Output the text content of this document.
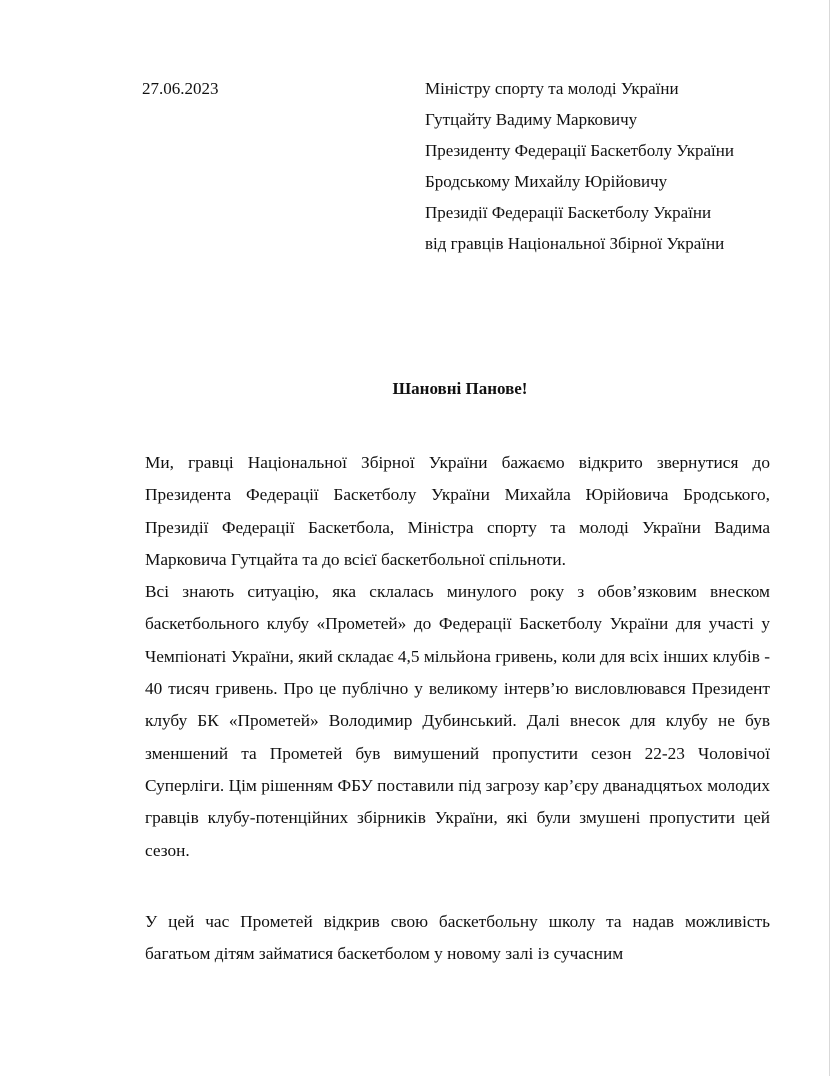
27.06.2023	Міністру спорту та молоді України
Гутцайту Вадиму Марковичу
Президенту Федерації Баскетболу України
Бродському Михайлу Юрійовичу
Президії Федерації Баскетболу України
від гравців Національної Збірної України
Шановні Панове!

Ми, гравці Національної Збірної України бажаємо відкрито звернутися до Президента Федерації Баскетболу України Михайла Юрійовича Бродського, Президії Федерації Баскетбола, Міністра спорту та молоді України Вадима Марковича Гутцайта та до всієї баскетбольної спільноти.

Всі знають ситуацію, яка склалась минулого року з обов’язковим внеском баскетбольного клубу «Прометей» до Федерації Баскетболу України для участі у Чемпіонаті України, який складає 4,5 мільйона гривень, коли для всіх інших клубів - 40 тисяч гривень. Про це публічно у великому інтерв’ю висловлювався Президент клубу БК «Прометей» Володимир Дубинський. Далі внесок для клубу не був зменшений та Прометей був вимушений пропустити сезон 22-23 Чоловічої Суперліги. Цім рішенням ФБУ поставили під загрозу кар’єру дванадцятьох молодих гравців клубу-потенційних збірників України, які були змушені пропустити цей сезон.

У цей час Прометей відкрив свою баскетбольну школу та надав можливість багатьом дітям займатися баскетболом у новому залі із сучасним
